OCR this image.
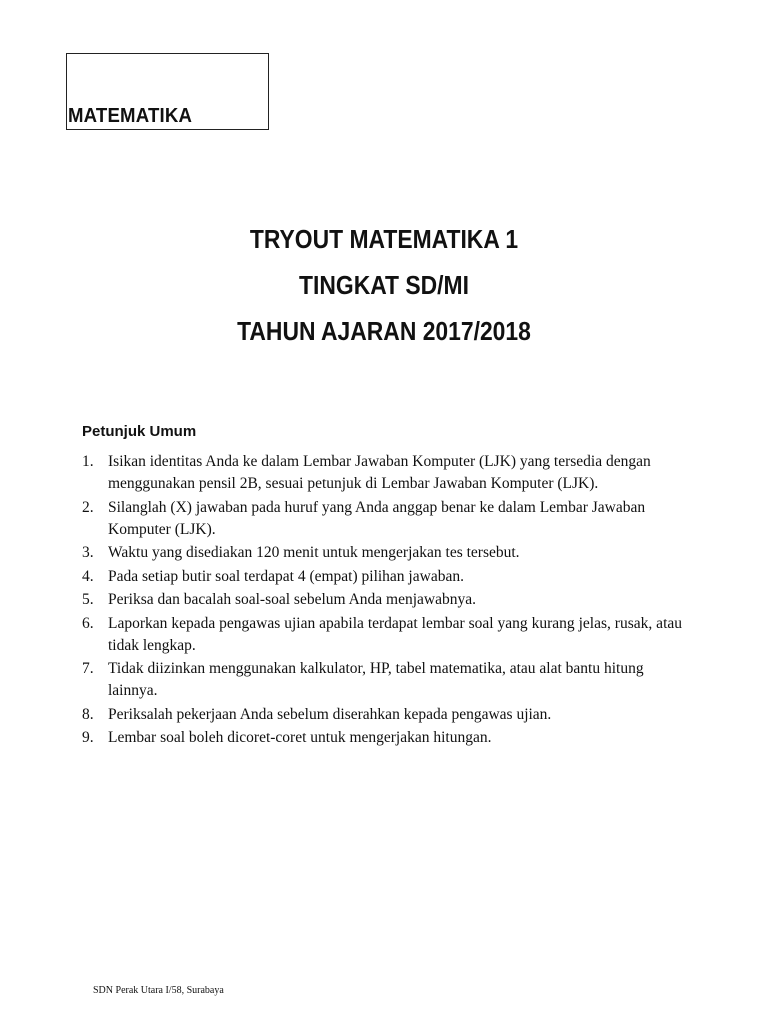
MATEMATIKA
TRYOUT MATEMATIKA 1
TINGKAT SD/MI
TAHUN AJARAN 2017/2018
Petunjuk Umum
1. Isikan identitas Anda ke dalam Lembar Jawaban Komputer (LJK) yang tersedia dengan menggunakan pensil 2B, sesuai petunjuk di Lembar Jawaban Komputer (LJK).
2. Silanglah (X) jawaban pada huruf yang Anda anggap benar ke dalam Lembar Jawaban Komputer (LJK).
3. Waktu yang disediakan 120 menit untuk mengerjakan tes tersebut.
4. Pada setiap butir soal terdapat 4 (empat) pilihan jawaban.
5. Periksa dan bacalah soal-soal sebelum Anda menjawabnya.
6. Laporkan kepada pengawas ujian apabila terdapat lembar soal yang kurang jelas, rusak, atau tidak lengkap.
7. Tidak diizinkan menggunakan kalkulator, HP, tabel matematika, atau alat bantu hitung lainnya.
8. Periksalah pekerjaan Anda sebelum diserahkan kepada pengawas ujian.
9. Lembar soal boleh dicoret-coret untuk mengerjakan hitungan.
SDN Perak Utara I/58, Surabaya
